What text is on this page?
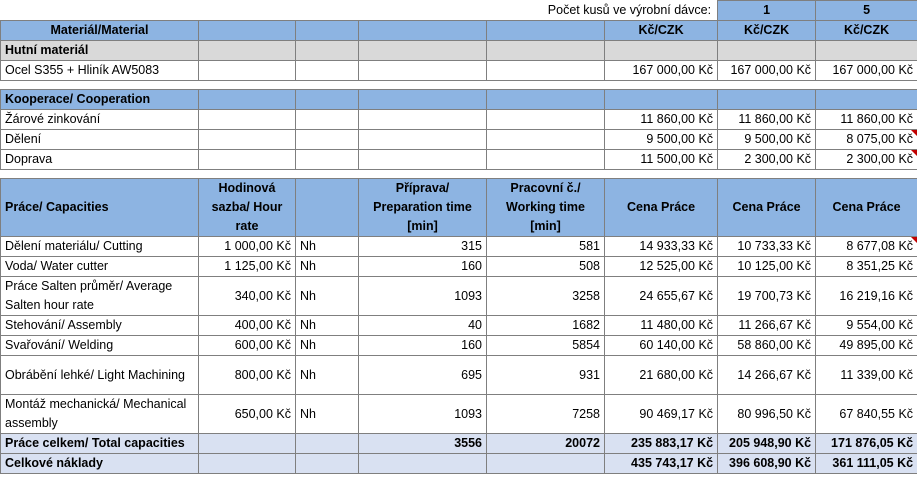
Počet kusů ve výrobní dávce:						1	5	
Materiál/Material					Kč/CZK	Kč/CZK	Kč/CZK	
Hutní materiál								
Ocel S355 + Hliník AW5083					167 000,00 Kč	167 000,00 Kč	167 000,00 Kč	

Kooperace/ Cooperation								
Žárové zinkování					11 860,00 Kč	11 860,00 Kč	11 860,00 Kč	
Dělení					9 500,00 Kč	9 500,00 Kč	8 075,00 Kč	
Doprava					11 500,00 Kč	2 300,00 Kč	2 300,00 Kč	

Práce/ Capacities	Hodinová sazba/ Hour rate		Příprava/ Preparation time [min]	Pracovní č./ Working time [min]	Cena Práce	Cena Práce	Cena Práce	
Dělení materiálu/ Cutting	1 000,00 Kč	Nh	315	581	14 933,33 Kč	10 733,33 Kč	8 677,08 Kč	
Voda/ Water cutter	1 125,00 Kč	Nh	160	508	12 525,00 Kč	10 125,00 Kč	8 351,25 Kč	
Práce Salten průměr/ Average Salten hour rate	340,00 Kč	Nh	1093	3258	24 655,67 Kč	19 700,73 Kč	16 219,16 Kč	
Stehování/ Assembly	400,00 Kč	Nh	40	1682	11 480,00 Kč	11 266,67 Kč	9 554,00 Kč	
Svařování/ Welding	600,00 Kč	Nh	160	5854	60 140,00 Kč	58 860,00 Kč	49 895,00 Kč	
Obrábění lehké/ Light Machining	800,00 Kč	Nh	695	931	21 680,00 Kč	14 266,67 Kč	11 339,00 Kč	
Montáž mechanická/ Mechanical assembly	650,00 Kč	Nh	1093	7258	90 469,17 Kč	80 996,50 Kč	67 840,55 Kč	
Práce celkem/ Total capacities			3556	20072	235 883,17 Kč	205 948,90 Kč	171 876,05 Kč	
Celkové náklady					435 743,17 Kč	396 608,90 Kč	361 111,05 Kč	
